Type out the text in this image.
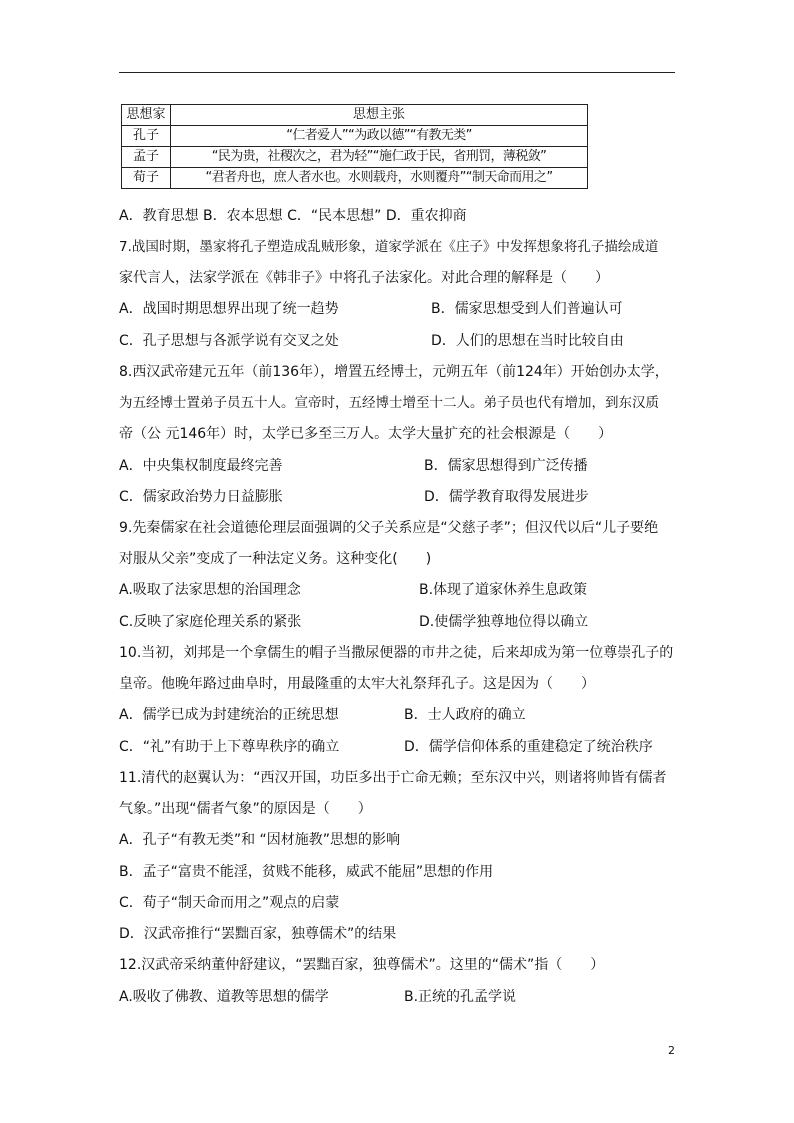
思想家	思想主张
孔子	“仁者爱人”“为政以德”“有教无类”
孟子	“民为贵，社稷次之，君为轻”“施仁政于民，省刑罚，薄税敛”
荀子	“君者舟也，庶人者水也。水则载舟，水则覆舟”“制天命而用之”
A．教育思想 B．农本思想 C．“民本思想” D．重农抑商
7.战国时期，墨家将孔子塑造成乱贼形象，道家学派在《庄子》中发挥想象将孔子描绘成道
家代言人，法家学派在《韩非子》中将孔子法家化。对此合理的解释是（　　）
A．战国时期思想界出现了统一趋势	B．儒家思想受到人们普遍认可
C．孔子思想与各派学说有交叉之处	D．人们的思想在当时比较自由
8.西汉武帝建元五年（前136年），增置五经博士，元朔五年（前124年）开始创办太学，
为五经博士置弟子员五十人。宣帝时，五经博士增至十二人。弟子员也代有增加，到东汉质
帝（公 元146年）时，太学已多至三万人。太学大量扩充的社会根源是（　　）
A．中央集权制度最终完善	B．儒家思想得到广泛传播
C．儒家政治势力日益膨胀	D．儒学教育取得发展进步
9.先秦儒家在社会道德伦理层面强调的父子关系应是“父慈子孝”；但汉代以后“儿子要绝
对服从父亲”变成了一种法定义务。这种变化(　　)
A.吸取了法家思想的治国理念	B.体现了道家休养生息政策
C.反映了家庭伦理关系的紧张	D.使儒学独尊地位得以确立
10.当初，刘邦是一个拿儒生的帽子当撒尿便器的市井之徒，后来却成为第一位尊崇孔子的
皇帝。他晚年路过曲阜时，用最隆重的太牢大礼祭拜孔子。这是因为（　　）
A．儒学已成为封建统治的正统思想	B．士人政府的确立
C．“礼”有助于上下尊卑秩序的确立	D．儒学信仰体系的重建稳定了统治秩序
11.清代的赵翼认为：“西汉开国，功臣多出于亡命无赖；至东汉中兴，则诸将帅皆有儒者
气象。”出现“儒者气象”的原因是（　　）
A．孔子“有教无类”和 “因材施教”思想的影响
B．孟子“富贵不能淫，贫贱不能移，威武不能屈”思想的作用
C．荀子“制天命而用之”观点的启蒙
D．汉武帝推行“罢黜百家，独尊儒术”的结果
12.汉武帝采纳董仲舒建议，“罢黜百家，独尊儒术”。这里的“儒术”指（　　）
A.吸收了佛教、道教等思想的儒学	B.正统的孔孟学说
2
